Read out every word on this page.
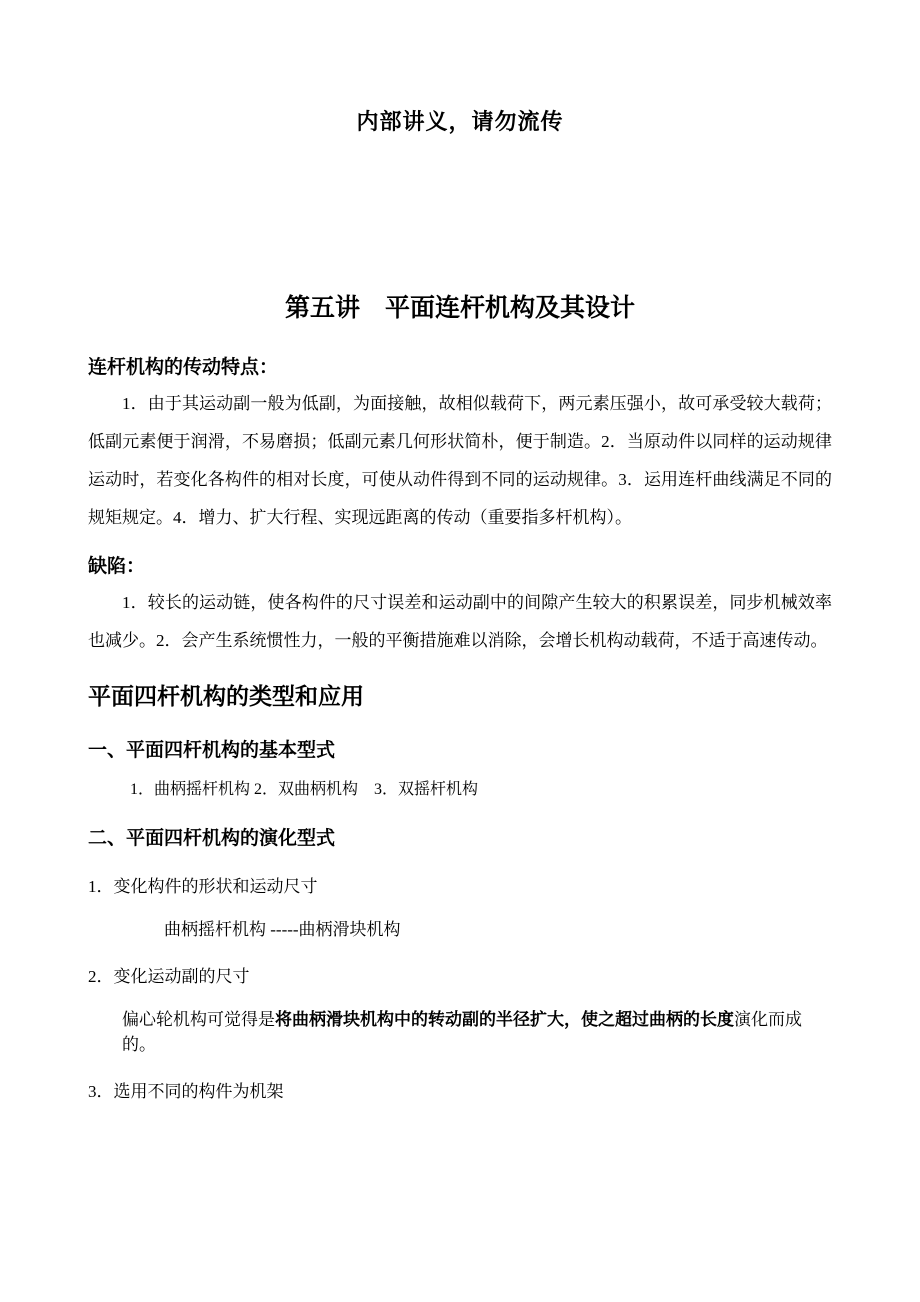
内部讲义，请勿流传
第五讲    平面连杆机构及其设计
连杆机构的传动特点：
1．由于其运动副一般为低副，为面接触，故相似载荷下，两元素压强小，故可承受较大载荷；低副元素便于润滑，不易磨损；低副元素几何形状简朴，便于制造。2．当原动件以同样的运动规律运动时，若变化各构件的相对长度，可使从动件得到不同的运动规律。3．运用连杆曲线满足不同的规矩规定。4．增力、扩大行程、实现远距离的传动（重要指多杆机构）。
缺陷：
1．较长的运动链，使各构件的尺寸误差和运动副中的间隙产生较大的积累误差，同步机械效率也减少。2．会产生系统惯性力，一般的平衡措施难以消除，会增长机构动载荷，不适于高速传动。
平面四杆机构的类型和应用
一、平面四杆机构的基本型式
1．曲柄摇杆机构 2．双曲柄机构　3．双摇杆机构
二、平面四杆机构的演化型式
1．变化构件的形状和运动尺寸
曲柄摇杆机构 -----曲柄滑块机构
2．变化运动副的尺寸
偏心轮机构可觉得是将曲柄滑块机构中的转动副的半径扩大，使之超过曲柄的长度演化而成的。
3．选用不同的构件为机架
